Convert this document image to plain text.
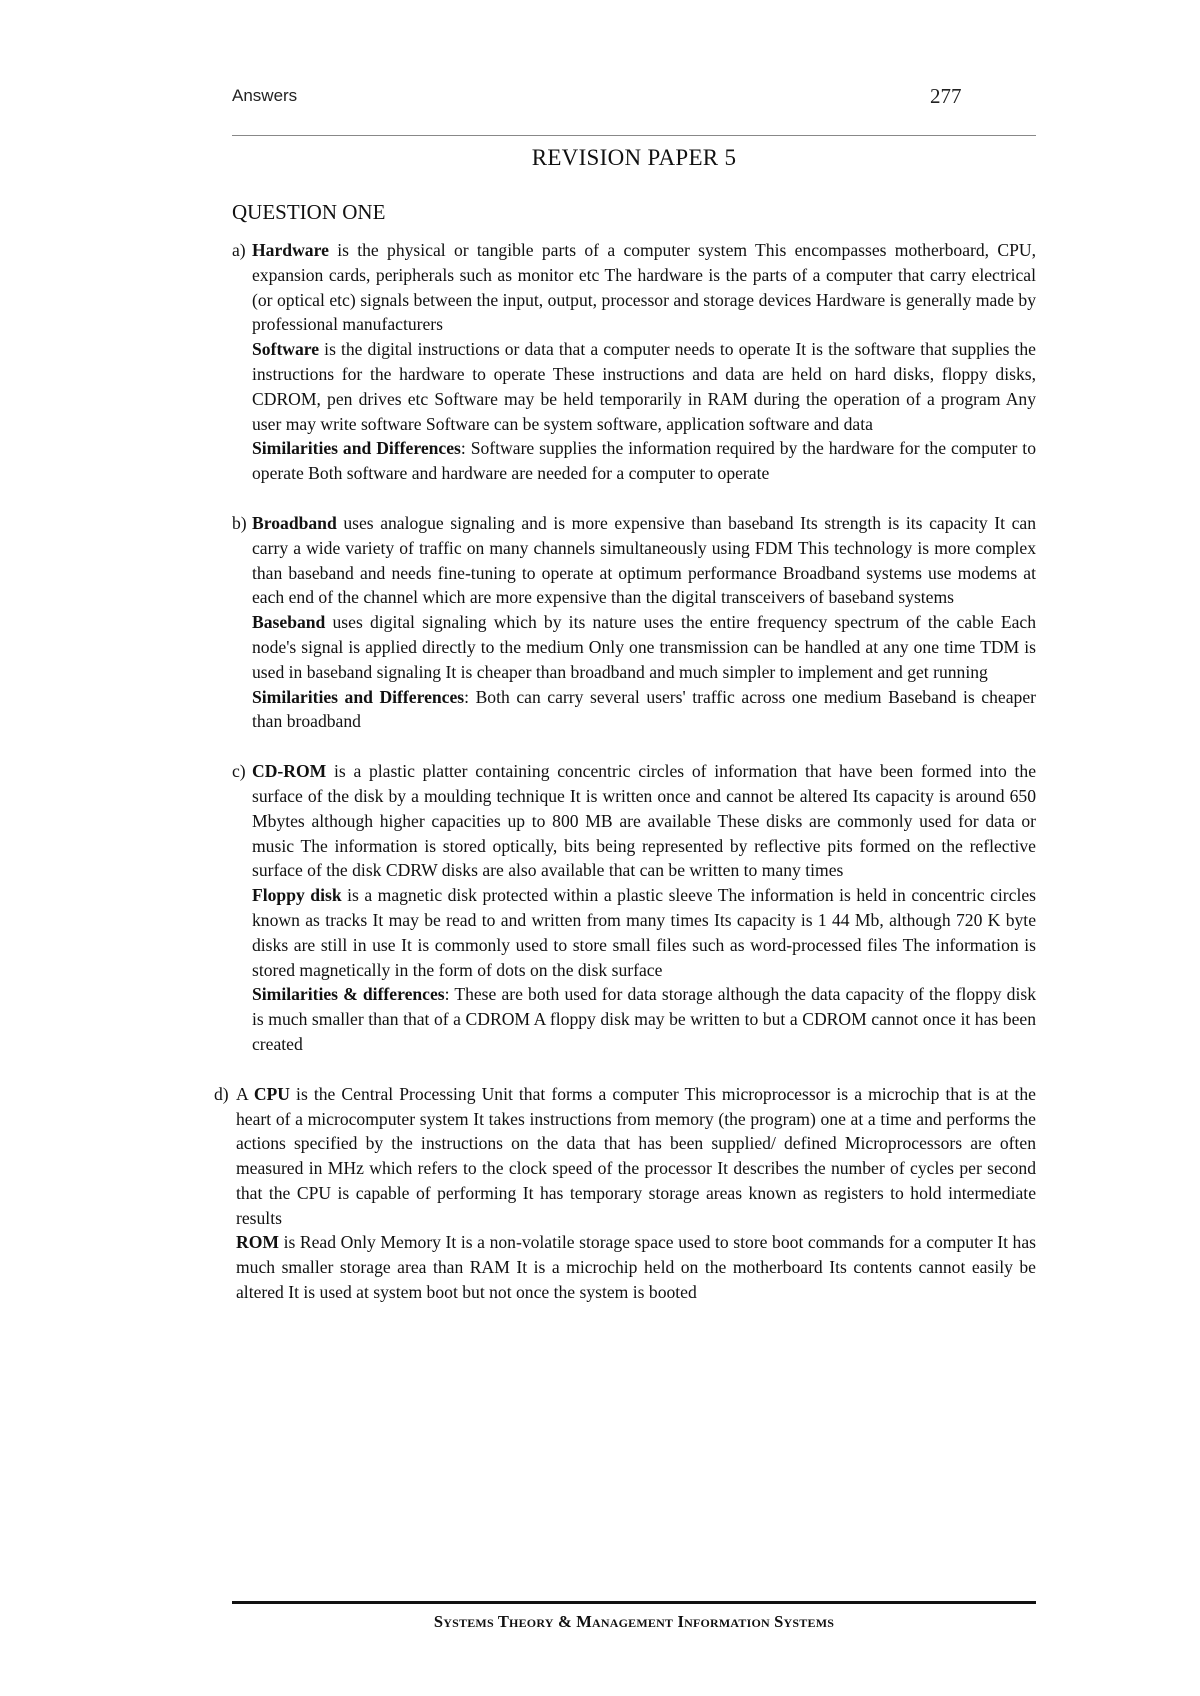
Answers	277
REVISION PAPER 5
QUESTION ONE
a) Hardware is the physical or tangible parts of a computer system This encompasses motherboard, CPU, expansion cards, peripherals such as monitor etc The hardware is the parts of a computer that carry electrical (or optical etc) signals between the input, output, processor and storage devices Hardware is generally made by professional manufacturers

Software is the digital instructions or data that a computer needs to operate It is the software that supplies the instructions for the hardware to operate These instructions and data are held on hard disks, floppy disks, CDROM, pen drives etc Software may be held temporarily in RAM during the operation of a program Any user may write software Software can be system software, application software and data

Similarities and Differences: Software supplies the information required by the hardware for the computer to operate Both software and hardware are needed for a computer to operate

b) Broadband uses analogue signaling and is more expensive than baseband Its strength is its capacity It can carry a wide variety of traffic on many channels simultaneously using FDM This technology is more complex than baseband and needs fine-tuning to operate at optimum performance Broadband systems use modems at each end of the channel which are more expensive than the digital transceivers of baseband systems

Baseband uses digital signaling which by its nature uses the entire frequency spectrum of the cable Each node's signal is applied directly to the medium Only one transmission can be handled at any one time TDM is used in baseband signaling It is cheaper than broadband and much simpler to implement and get running

Similarities and Differences: Both can carry several users' traffic across one medium Baseband is cheaper than broadband

c) CD-ROM is a plastic platter containing concentric circles of information that have been formed into the surface of the disk by a moulding technique It is written once and cannot be altered Its capacity is around 650 Mbytes although higher capacities up to 800 MB are available These disks are commonly used for data or music The information is stored optically, bits being represented by reflective pits formed on the reflective surface of the disk CDRW disks are also available that can be written to many times

Floppy disk is a magnetic disk protected within a plastic sleeve The information is held in concentric circles known as tracks It may be read to and written from many times Its capacity is 1 44 Mb, although 720 K byte disks are still in use It is commonly used to store small files such as word-processed files The information is stored magnetically in the form of dots on the disk surface

Similarities & differences: These are both used for data storage although the data capacity of the floppy disk is much smaller than that of a CDROM A floppy disk may be written to but a CDROM cannot once it has been created

d) A CPU is the Central Processing Unit that forms a computer This microprocessor is a microchip that is at the heart of a microcomputer system It takes instructions from memory (the program) one at a time and performs the actions specified by the instructions on the data that has been supplied/ defined Microprocessors are often measured in MHz which refers to the clock speed of the processor It describes the number of cycles per second that the CPU is capable of performing It has temporary storage areas known as registers to hold intermediate results

ROM is Read Only Memory It is a non-volatile storage space used to store boot commands for a computer It has much smaller storage area than RAM It is a microchip held on the motherboard Its contents cannot easily be altered It is used at system boot but not once the system is booted

Systems Theory & Management Information Systems
